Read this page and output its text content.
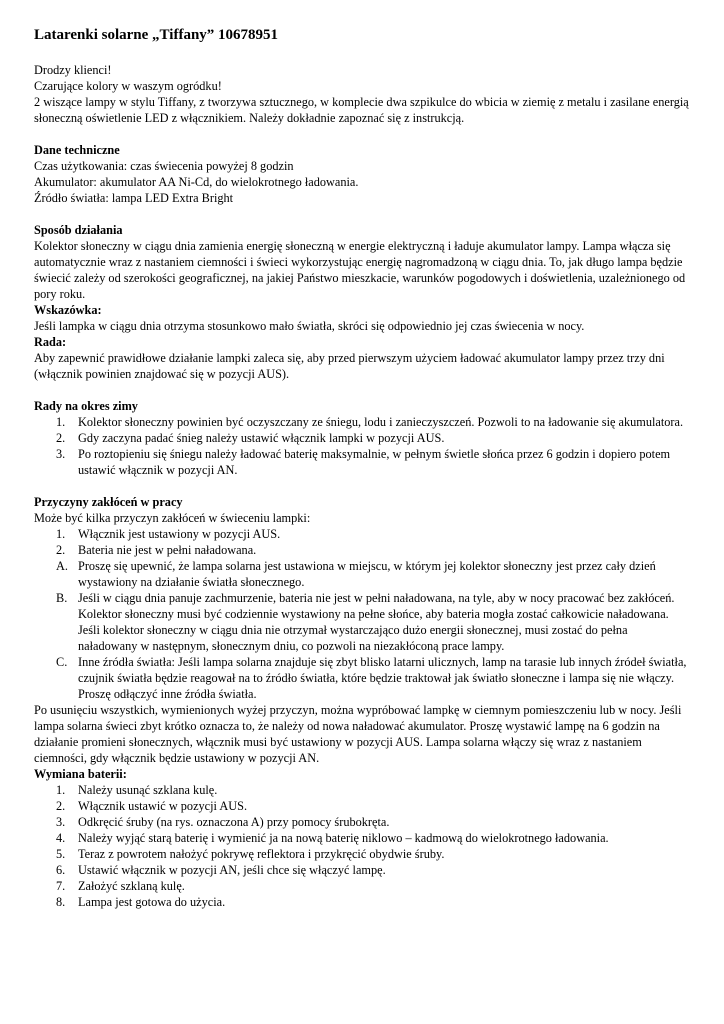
Latarenki solarne „Tiffany” 10678951

Drodzy klienci!

Czarujące kolory w waszym ogródku!

2 wiszące lampy w stylu Tiffany, z tworzywa sztucznego, w komplecie dwa szpikulce do wbicia w ziemię z metalu i zasilane energią słoneczną oświetlenie LED z włącznikiem. Należy dokładnie zapoznać się z instrukcją.

Dane techniczne

Czas użytkowania: czas świecenia powyżej 8 godzin

Akumulator: akumulator AA Ni-Cd, do wielokrotnego ładowania.

Źródło światła: lampa LED Extra Bright

Sposób działania

Kolektor słoneczny w ciągu dnia zamienia energię słoneczną w energie elektryczną i ładuje akumulator lampy. Lampa włącza się automatycznie wraz z nastaniem ciemności i świeci wykorzystując energię nagromadzoną w ciągu dnia. To, jak długo lampa będzie świecić zależy od szerokości geograficznej, na jakiej Państwo mieszkacie, warunków pogodowych i doświetlenia, uzależnionego od pory roku.

Wskazówka:

Jeśli lampka w ciągu dnia otrzyma stosunkowo mało światła, skróci się odpowiednio jej czas świecenia w nocy.

Rada:

Aby zapewnić prawidłowe działanie lampki zaleca się, aby przed pierwszym użyciem ładować akumulator lampy przez trzy dni (włącznik powinien znajdować się w pozycji AUS).

Rady na okres zimy

1. Kolektor słoneczny powinien być oczyszczany ze śniegu, lodu i zanieczyszczeń. Pozwoli to na ładowanie się akumulatora.
2. Gdy zaczyna padać śnieg należy ustawić włącznik lampki w pozycji AUS.
3. Po roztopieniu się śniegu należy ładować baterię maksymalnie, w pełnym świetle słońca przez 6 godzin i dopiero potem ustawić włącznik w pozycji AN.

Przyczyny zakłóceń w pracy

Może być kilka przyczyn zakłóceń w świeceniu lampki:

1. Włącznik jest ustawiony w pozycji AUS.
2. Bateria nie jest w pełni naładowana.
A. Proszę się upewnić, że lampa solarna jest ustawiona w miejscu, w którym jej kolektor słoneczny jest przez cały dzień wystawiony na działanie światła słonecznego.
B. Jeśli w ciągu dnia panuje zachmurzenie, bateria nie jest w pełni naładowana, na tyle, aby w nocy pracować bez zakłóceń. Kolektor słoneczny musi być codziennie wystawiony na pełne słońce, aby bateria mogła zostać całkowicie naładowana. Jeśli kolektor słoneczny w ciągu dnia nie otrzymał wystarczająco dużo energii słonecznej, musi zostać do pełna naładowany w następnym, słonecznym dniu, co pozwoli na niezakłóconą prace lampy.
C. Inne źródła światła: Jeśli lampa solarna znajduje się zbyt blisko latarni ulicznych, lamp na tarasie lub innych źródeł światła, czujnik światła będzie reagował na to źródło światła, które będzie traktował jak światło słoneczne i lampa się nie włączy. Proszę odłączyć inne źródła światła.

Po usunięciu wszystkich, wymienionych wyżej przyczyn, można wypróbować lampkę w ciemnym pomieszczeniu lub w nocy. Jeśli lampa solarna świeci zbyt krótko oznacza to, że należy od nowa naładować akumulator. Proszę wystawić lampę na 6 godzin na działanie promieni słonecznych, włącznik musi być ustawiony w pozycji AUS. Lampa solarna włączy się wraz z nastaniem ciemności, gdy włącznik będzie ustawiony w pozycji AN.

Wymiana baterii:

1. Należy usunąć szklana kulę.
2. Włącznik ustawić w pozycji AUS.
3. Odkręcić śruby (na rys. oznaczona A) przy pomocy śrubokręta.
4. Należy wyjąć starą baterię i wymienić ja na nową baterię niklowo – kadmową do wielokrotnego ładowania.
5. Teraz z powrotem nałożyć pokrywę reflektora i przykręcić obydwie śruby.
6. Ustawić włącznik w pozycji AN, jeśli chce się włączyć lampę.
7. Założyć szklaną kulę.
8. Lampa jest gotowa do użycia.
